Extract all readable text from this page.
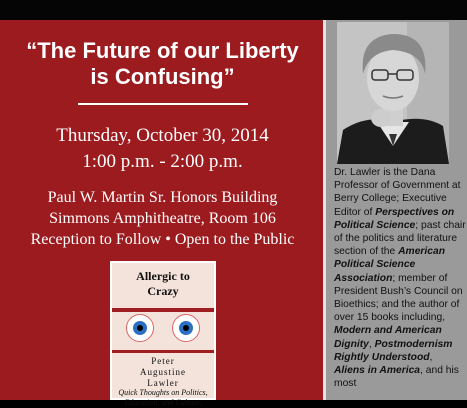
“The Future of our Liberty
is Confusing”
Thursday, October 30, 2014
1:00 p.m. - 2:00 p.m.
Paul W. Martin Sr. Honors Building
Simmons Amphitheatre, Room 106
Reception to Follow • Open to the Public
Allergic to
Crazy
Peter
Augustine
Lawler
Quick Thoughts on Politics,
Education, and Culture,
Dr. Lawler is the Dana Professor of Government at Berry College; Executive Editor of Perspectives on Political Science; past chair of the politics and literature section of the American Political Science Association; member of President Bush’s Council on Bioethics; and the author of over 15 books including, Modern and American Dignity, Postmodernism Rightly Understood, Aliens in America, and his most
